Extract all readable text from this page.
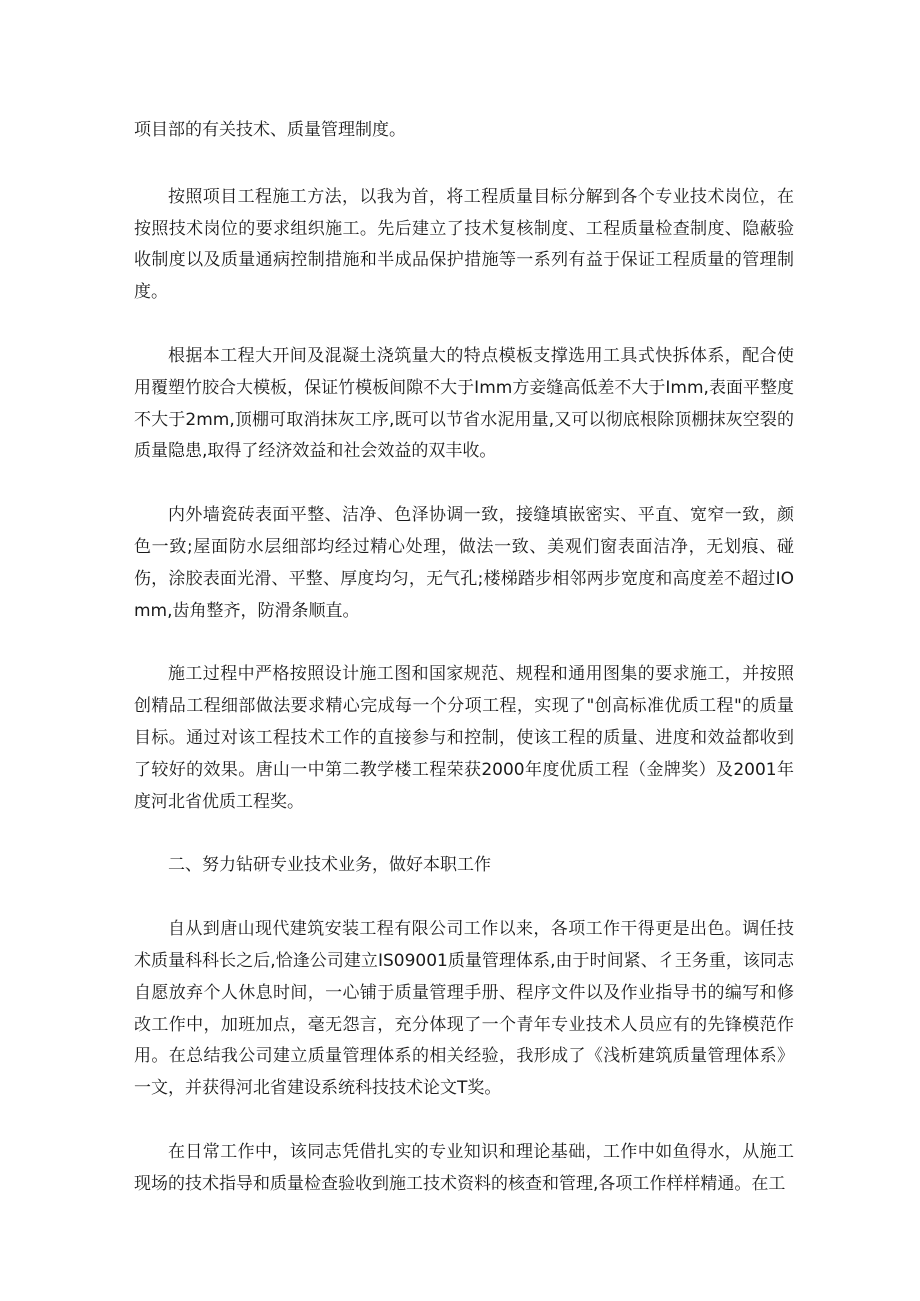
项目部的有关技术、质量管理制度。

按照项目工程施工方法，以我为首，将工程质量目标分解到各个专业技术岗位，在按照技术岗位的要求组织施工。先后建立了技术复核制度、工程质量检查制度、隐蔽验收制度以及质量通病控制措施和半成品保护措施等一系列有益于保证工程质量的管理制度。

根据本工程大开间及混凝土浇筑量大的特点模板支撑选用工具式快拆体系，配合使用覆塑竹胶合大模板，保证竹模板间隙不大于Imm方妾缝高低差不大于Imm,表面平整度不大于2mm,顶棚可取消抹灰工序,既可以节省水泥用量,又可以彻底根除顶棚抹灰空裂的质量隐患,取得了经济效益和社会效益的双丰收。

内外墙瓷砖表面平整、洁净、色泽协调一致，接缝填嵌密实、平直、宽窄一致，颜色一致;屋面防水层细部均经过精心处理，做法一致、美观们窗表面洁净，无划痕、碰伤，涂胶表面光滑、平整、厚度均匀，无气孔;楼梯踏步相邻两步宽度和高度差不超过IOmm,齿角整齐，防滑条顺直。

施工过程中严格按照设计施工图和国家规范、规程和通用图集的要求施工，并按照创精品工程细部做法要求精心完成每一个分项工程，实现了"创高标准优质工程"的质量目标。通过对该工程技术工作的直接参与和控制，使该工程的质量、进度和效益都收到了较好的效果。唐山一中第二教学楼工程荣获2000年度优质工程（金牌奖）及2001年度河北省优质工程奖。

二、努力钻研专业技术业务，做好本职工作

自从到唐山现代建筑安装工程有限公司工作以来，各项工作干得更是出色。调任技术质量科科长之后,恰逢公司建立IS09001质量管理体系,由于时间紧、彳王务重，该同志自愿放弃个人休息时间，一心铺于质量管理手册、程序文件以及作业指导书的编写和修改工作中，加班加点，毫无怨言，充分体现了一个青年专业技术人员应有的先锋模范作用。在总结我公司建立质量管理体系的相关经验，我形成了《浅析建筑质量管理体系》一文，并获得河北省建设系统科技技术论文T奖。

在日常工作中，该同志凭借扎实的专业知识和理论基础，工作中如鱼得水，从施工现场的技术指导和质量检查验收到施工技术资料的核查和管理,各项工作样样精通。在工
